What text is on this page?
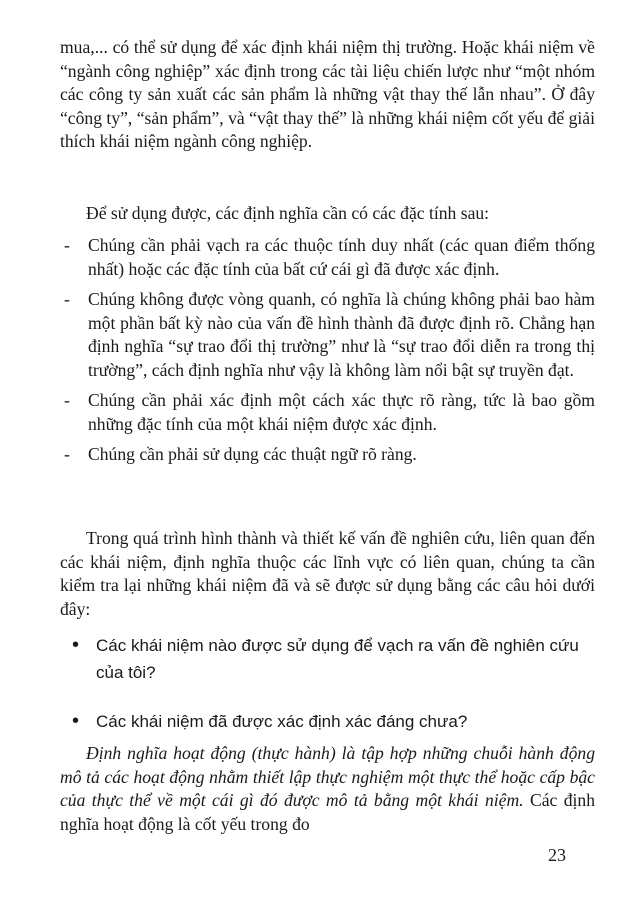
mua,... có thể sử dụng để xác định khái niệm thị trường. Hoặc khái niệm về “ngành công nghiệp” xác định trong các tài liệu chiến lược như “một nhóm các công ty sản xuất các sản phẩm là những vật thay thế lẫn nhau”. Ở đây “công ty”, “sản phẩm”, và “vật thay thế” là những khái niệm cốt yếu để giải thích khái niệm ngành công nghiệp.

Để sử dụng được, các định nghĩa cần có các đặc tính sau:

- Chúng cần phải vạch ra các thuộc tính duy nhất (các quan điểm thống nhất) hoặc các đặc tính của bất cứ cái gì đã được xác định.
- Chúng không được vòng quanh, có nghĩa là chúng không phải bao hàm một phần bất kỳ nào của vấn đề hình thành đã được định rõ. Chẳng hạn định nghĩa “sự trao đổi thị trường” như là “sự trao đổi diễn ra trong thị trường”, cách định nghĩa như vậy là không làm nổi bật sự truyền đạt.
- Chúng cần phải xác định một cách xác thực rõ ràng, tức là bao gồm những đặc tính của một khái niệm được xác định.
- Chúng cần phải sử dụng các thuật ngữ rõ ràng.

Trong quá trình hình thành và thiết kế vấn đề nghiên cứu, liên quan đến các khái niệm, định nghĩa thuộc các lĩnh vực có liên quan, chúng ta cần kiểm tra lại những khái niệm đã và sẽ được sử dụng bằng các câu hỏi dưới đây:

• Các khái niệm nào được sử dụng để vạch ra vấn đề nghiên cứu của tôi?
• Các khái niệm đã được xác định xác đáng chưa?

Định nghĩa hoạt động (thực hành) là tập hợp những chuỗi hành động mô tả các hoạt động nhằm thiết lập thực nghiệm một thực thể hoặc cấp bậc của thực thể về một cái gì đó được mô tả bằng một khái niệm. Các định nghĩa hoạt động là cốt yếu trong đo

23
